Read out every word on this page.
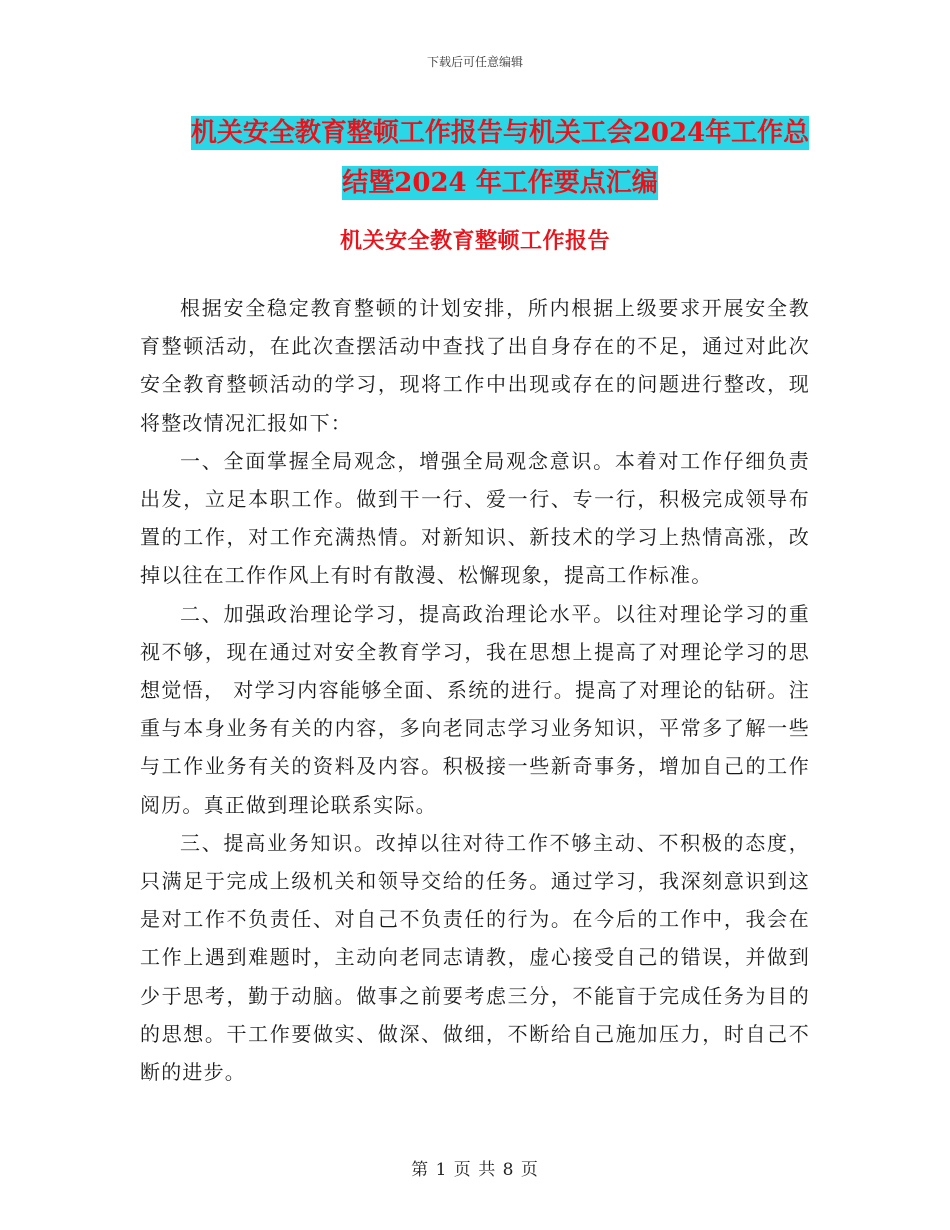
下载后可任意编辑
机关安全教育整顿工作报告与机关工会2024年工作总
结暨2024 年工作要点汇编
机关安全教育整顿工作报告

根据安全稳定教育整顿的计划安排，所内根据上级要求开展安全教育整顿活动，在此次查摆活动中查找了出自身存在的不足，通过对此次安全教育整顿活动的学习，现将工作中出现或存在的问题进行整改，现将整改情况汇报如下：

一、全面掌握全局观念，增强全局观念意识。本着对工作仔细负责出发，立足本职工作。做到干一行、爱一行、专一行，积极完成领导布置的工作，对工作充满热情。对新知识、新技术的学习上热情高涨，改掉以往在工作作风上有时有散漫、松懈现象，提高工作标准。

二、加强政治理论学习，提高政治理论水平。以往对理论学习的重视不够，现在通过对安全教育学习，我在思想上提高了对理论学习的思想觉悟， 对学习内容能够全面、系统的进行。提高了对理论的钻研。注重与本身业务有关的内容，多向老同志学习业务知识，平常多了解一些与工作业务有关的资料及内容。积极接一些新奇事务，增加自己的工作阅历。真正做到理论联系实际。

三、提高业务知识。改掉以往对待工作不够主动、不积极的态度，只满足于完成上级机关和领导交给的任务。通过学习，我深刻意识到这是对工作不负责任、对自己不负责任的行为。在今后的工作中，我会在工作上遇到难题时，主动向老同志请教，虚心接受自己的错误，并做到少于思考，勤于动脑。做事之前要考虑三分，不能盲于完成任务为目的的思想。干工作要做实、做深、做细，不断给自己施加压力，时自己不断的进步。

第 1 页 共 8 页
